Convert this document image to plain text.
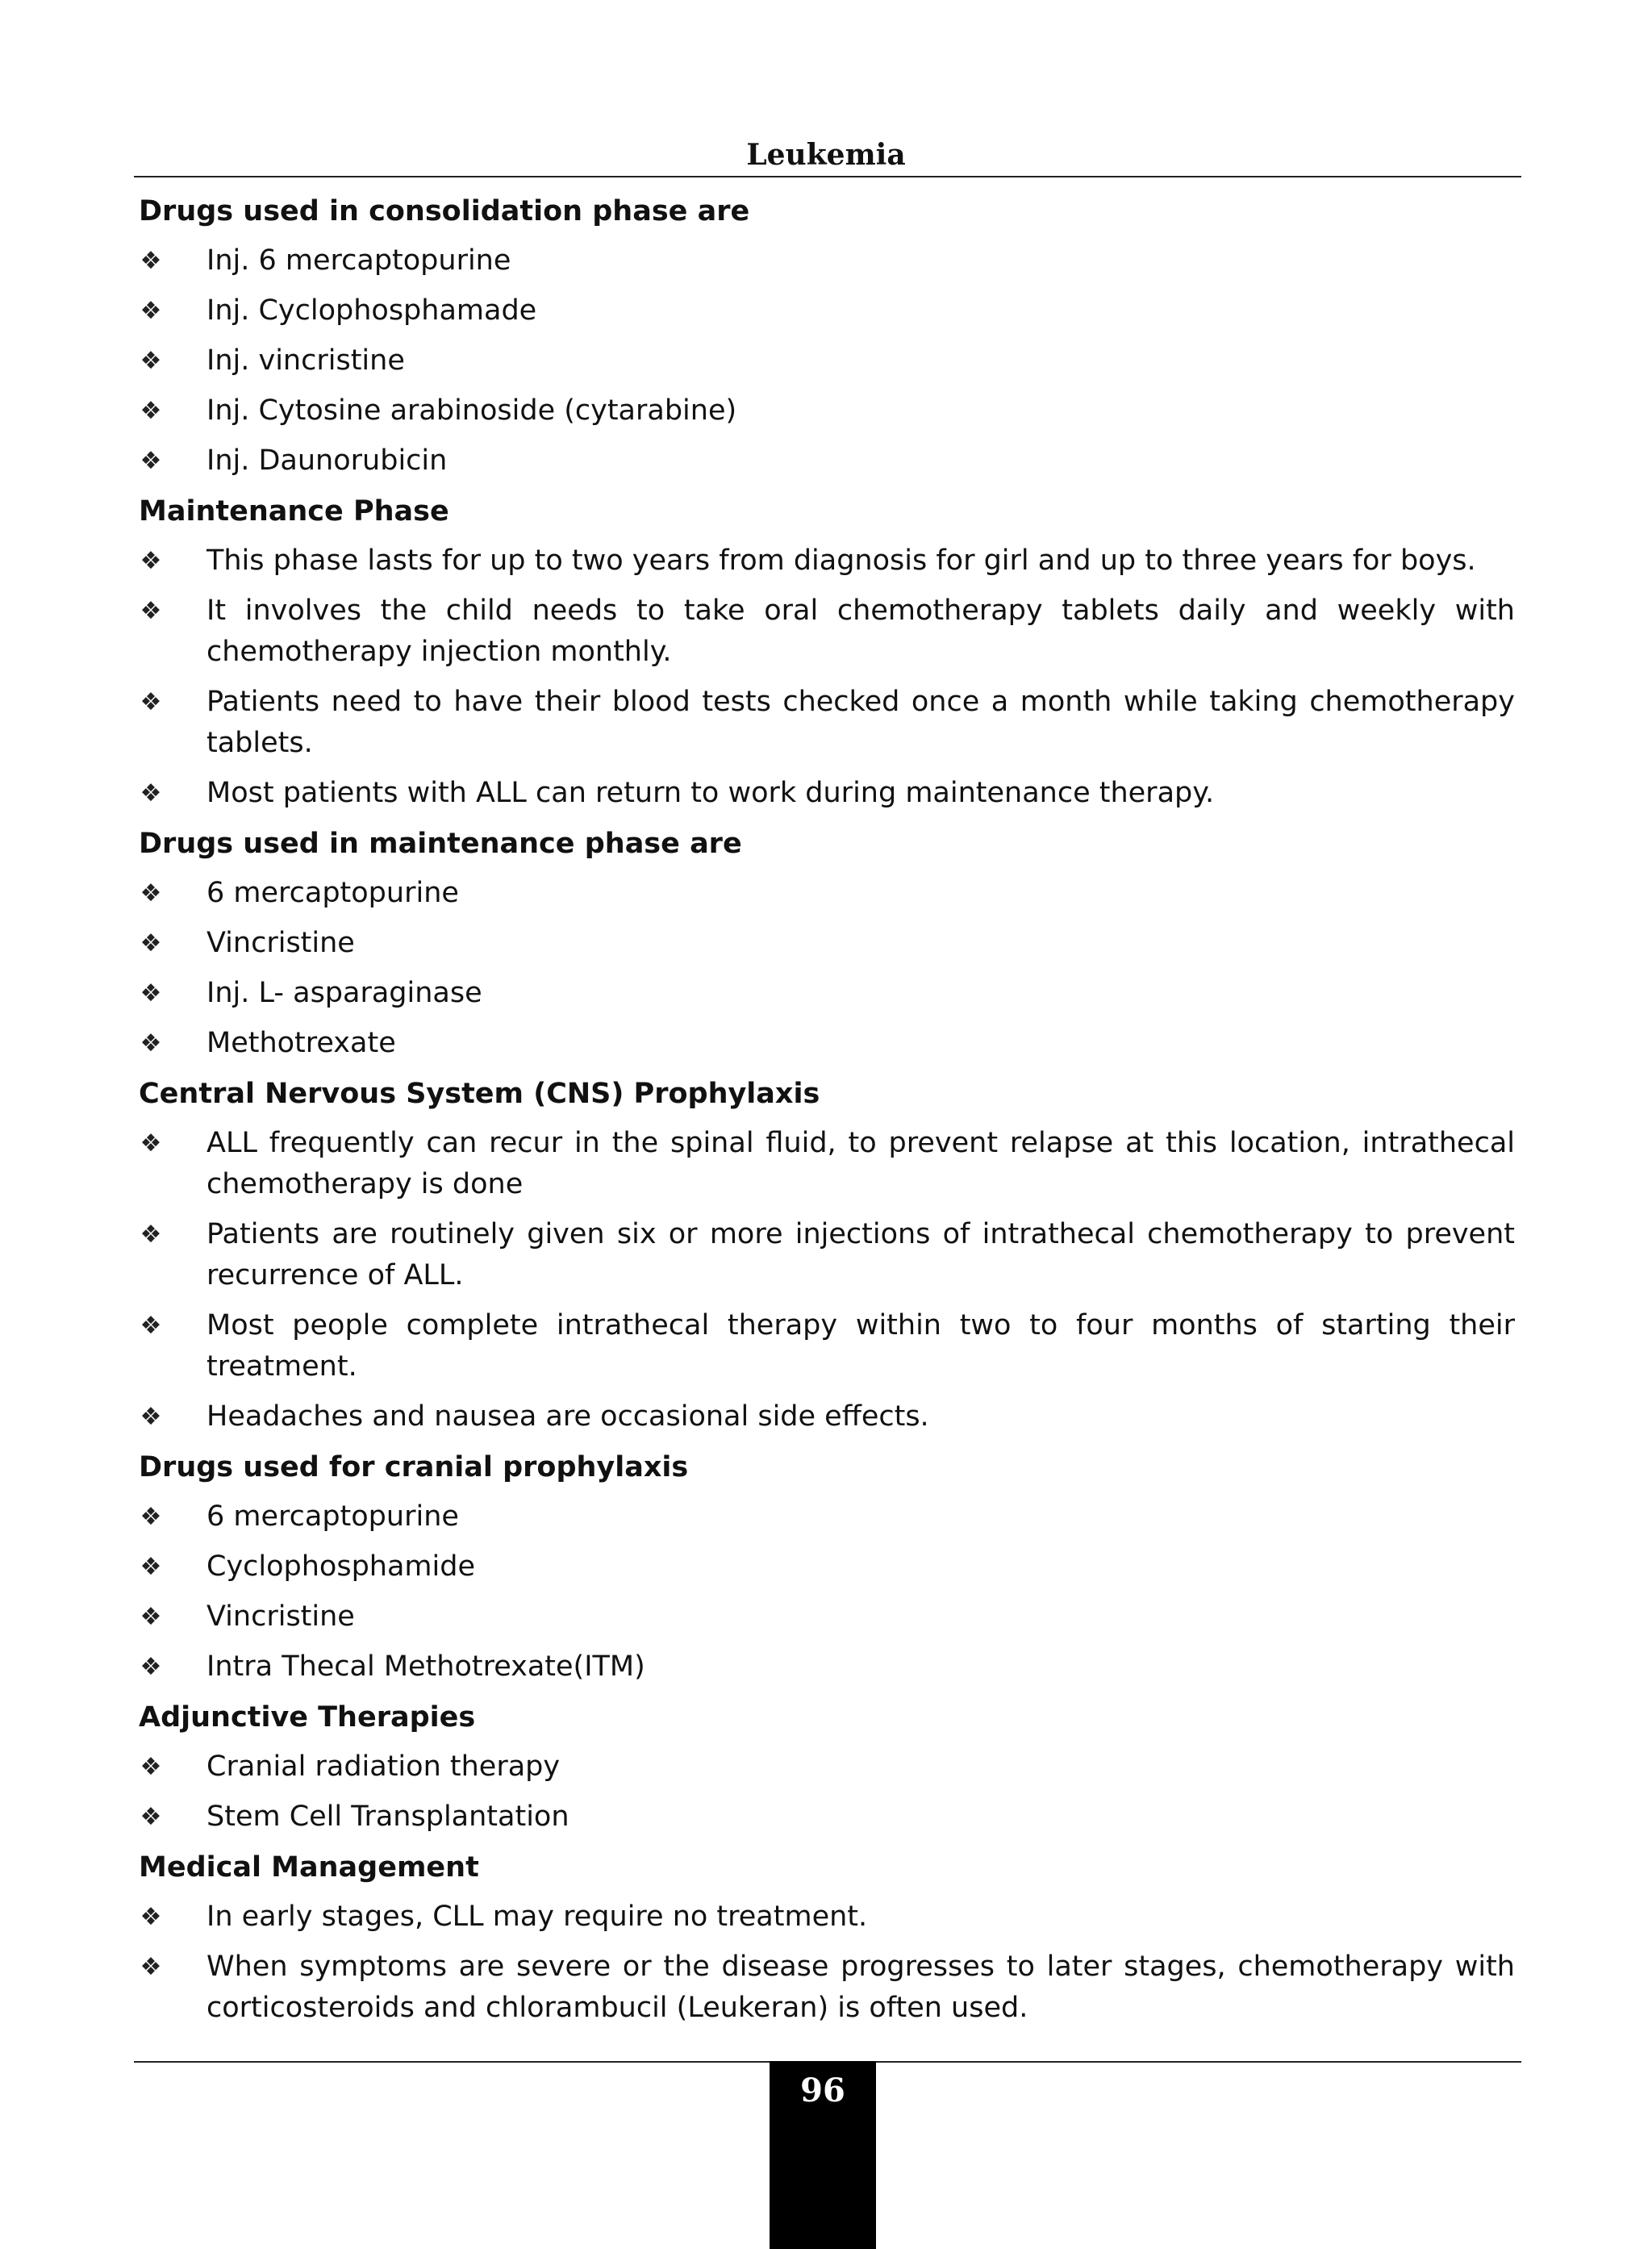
Leukemia
Drugs used in consolidation phase are
❖ Inj. 6 mercaptopurine
❖ Inj. Cyclophosphamade
❖ Inj. vincristine
❖ Inj. Cytosine arabinoside (cytarabine)
❖ Inj. Daunorubicin
Maintenance Phase
❖ This phase lasts for up to two years from diagnosis for girl and up to three years for boys.
❖ It involves the child needs to take oral chemotherapy tablets daily and weekly with chemotherapy injection monthly.
❖ Patients need to have their blood tests checked once a month while taking chemotherapy tablets.
❖ Most patients with ALL can return to work during maintenance therapy.
Drugs used in maintenance phase are
❖ 6 mercaptopurine
❖ Vincristine
❖ Inj. L- asparaginase
❖ Methotrexate
Central Nervous System (CNS) Prophylaxis
❖ ALL frequently can recur in the spinal fluid, to prevent relapse at this location, intrathecal chemotherapy is done
❖ Patients are routinely given six or more injections of intrathecal chemotherapy to prevent recurrence of ALL.
❖ Most people complete intrathecal therapy within two to four months of starting their treatment.
❖ Headaches and nausea are occasional side effects.
Drugs used for cranial prophylaxis
❖ 6 mercaptopurine
❖ Cyclophosphamide
❖ Vincristine
❖ Intra Thecal Methotrexate(ITM)
Adjunctive Therapies
❖ Cranial radiation therapy
❖ Stem Cell Transplantation
Medical Management
❖ In early stages, CLL may require no treatment.
❖ When symptoms are severe or the disease progresses to later stages, chemotherapy with corticosteroids and chlorambucil (Leukeran) is often used.
96
